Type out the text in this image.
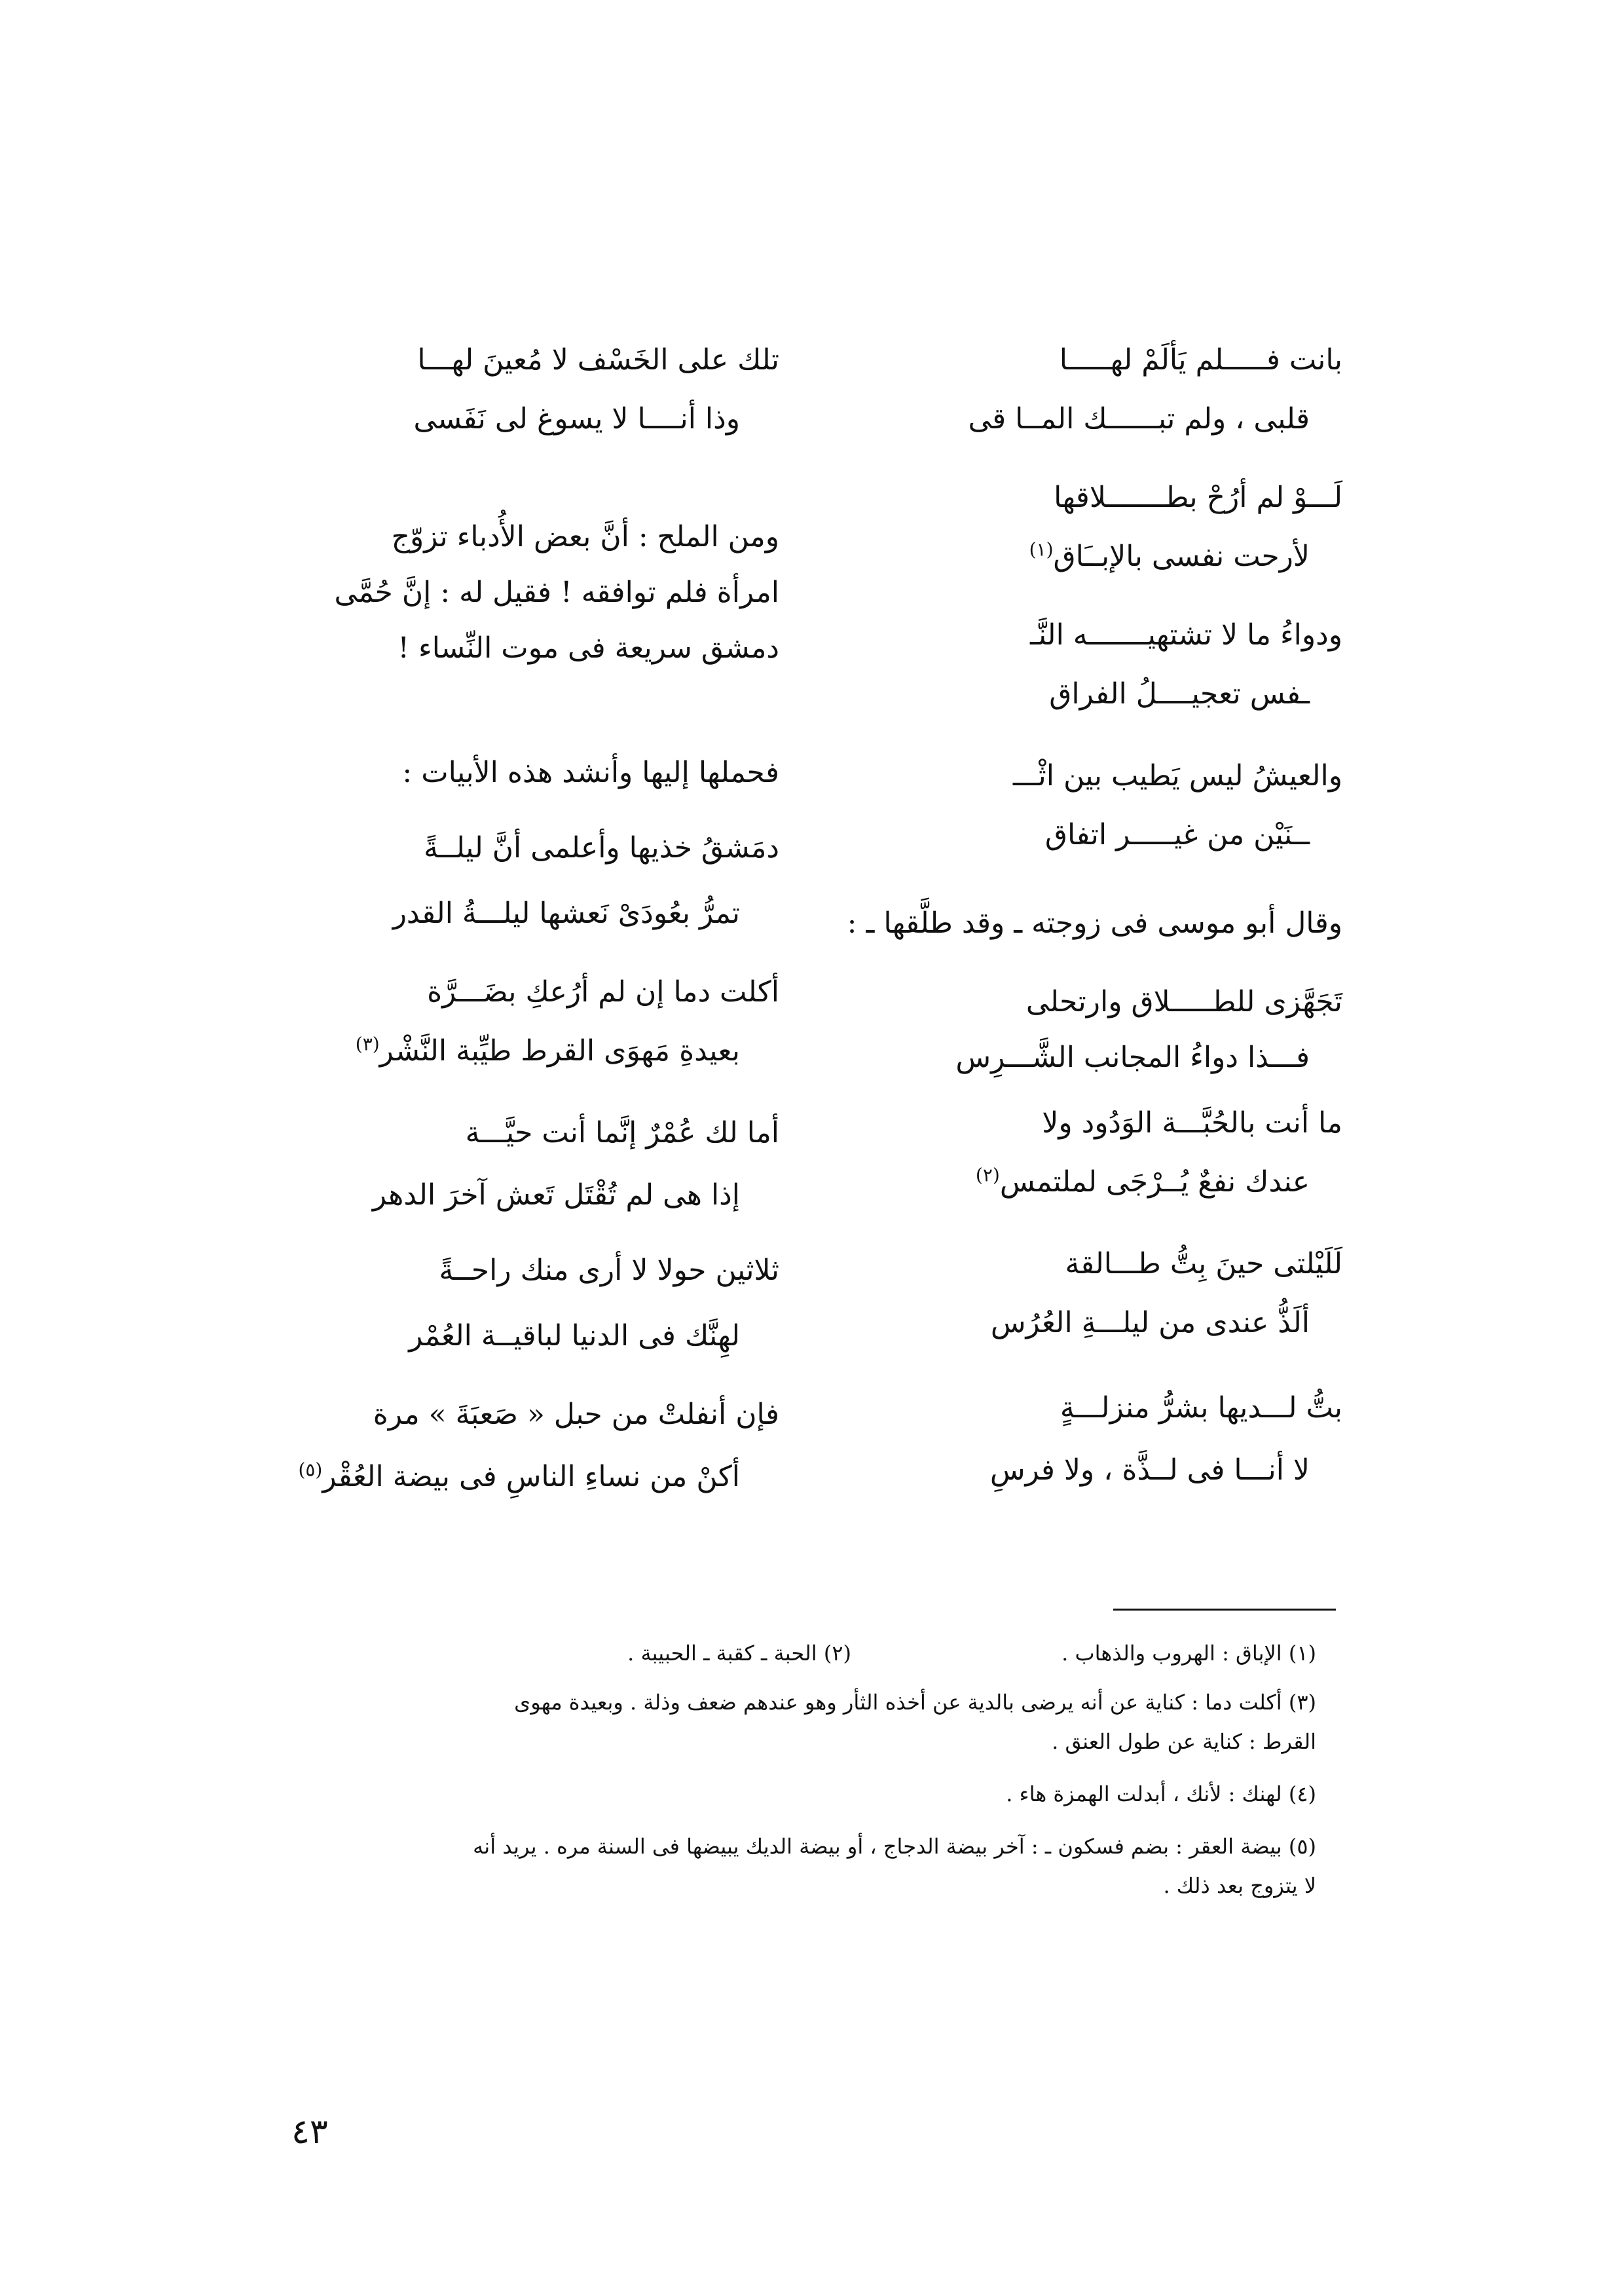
بانت فـــــلم يَألَمْ لهـــــا
قلبى ، ولم تبــــــك المــا قى
لَـــوْ لم أرُحْ بطـــــــلاقها
لأرحت نفسى بالإبــَاق$^{(١)}$
ودواءُ ما لا تشتهيـــــــه النَّـ
ـفس تعجيــــلُ الفراق
والعيشُ ليس يَطيب بين اثْـــ
ــنَيْن من غيـــــر اتفاق
وقال أبو موسى فى زوجته ـ وقد طلَّقها ـ :
تَجَهَّزى للطـــــلاق وارتحلى
فـــذا دواءُ المجانب الشَّـــرِس
ما أنت بالحُبَّـــة الوَدُود ولا
عندك نفعٌ يُــرْجَى لملتمس$^{(٢)}$
لَلَيْلتى حينَ بِتُّ طـــالقة
ألَذُّ عندى من ليلـــةِ العُرُس
بتُّ لـــديها بشرُّ منزلـــةٍ
لا أنـــا فى لــذَّة ، ولا فرسِ
تلك على الخَسْف لا مُعينَ لهـــا
وذا أنــــا لا يسوغ لى نَفَسى
ومن الملح : أنَّ بعض الأُدباء تزوّج
امرأة فلم توافقه ! فقيل له : إنَّ حُمَّى
دمشق سريعة فى موت النِّساء !
فحملها إليها وأنشد هذه الأبيات :
دمَشقُ خذيها وأعلمى أنَّ ليلــةً
تمرُّ بعُودَىْ نَعشها ليلـــةُ القدر
أكلت دما إن لم أرُعكِ بضَـــرَّة
بعيدةِ مَهوَى القرط طيِّبة النَّشْر$^{(٣)}$
أما لك عُمْرٌ إنَّما أنت حيَّـــة
إذا هى لم تُقْتَل تَعش آخرَ الدهر
ثلاثين حولا لا أرى منك راحــةً
لهِنَّك فى الدنيا لباقيــة العُمْر
فإن أنفلتْ من حبل « صَعبَةَ » مرة
أكنْ من نساءِ الناسِ فى بيضة العُقْر$^{(٥)}$
(١) الإباق : الهروب والذهاب .
(٢) الحبة ـ كقبة ـ الحبيبة .
(٣) أكلت دما : كناية عن أنه يرضى بالدية عن أخذه الثأر وهو عندهم ضعف وذلة . وبعيدة مهوى
القرط : كناية عن طول العنق .
(٤) لهنك : لأنك ، أبدلت الهمزة هاء .
(٥) بيضة العقر : بضم فسكون ـ : آخر بيضة الدجاج ، أو بيضة الديك يبيضها فى السنة مره . يريد أنه
لا يتزوج بعد ذلك .
٤٣
